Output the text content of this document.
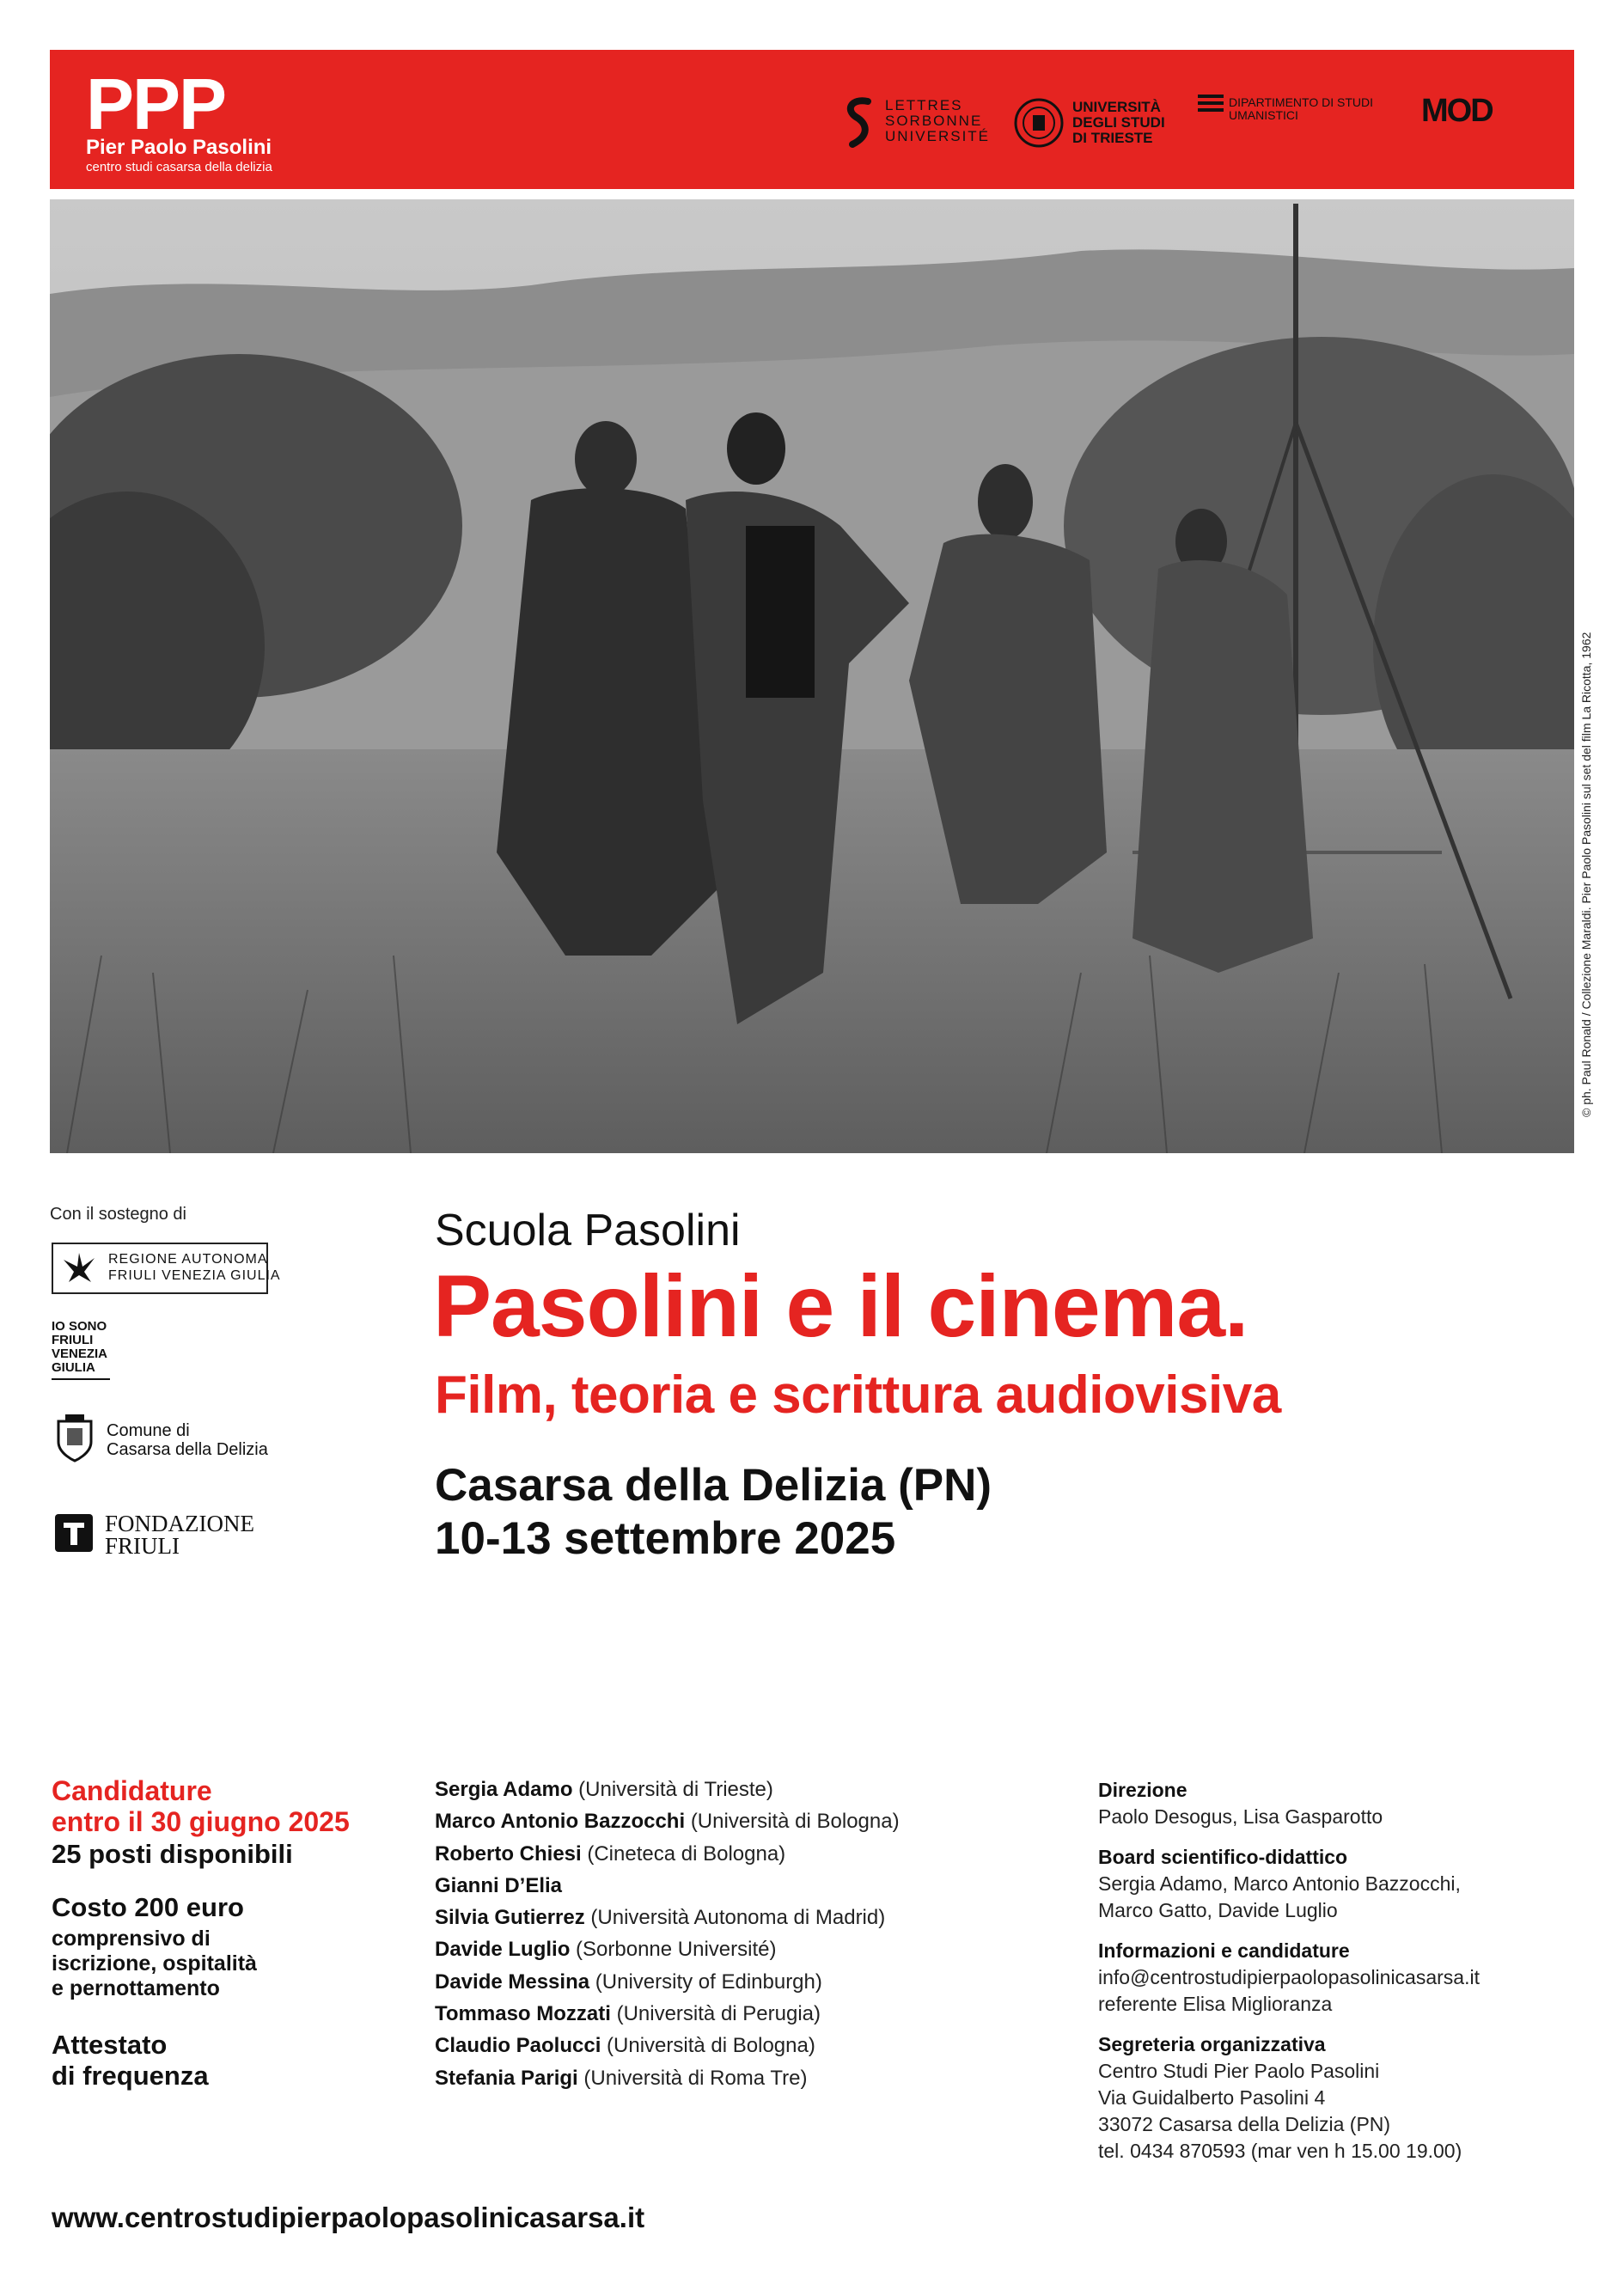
PPP
Pier Paolo Pasolini
centro studi casarsa della delizia
LETTRES
SORBONNE
UNIVERSITÉ
UNIVERSITÀ
DEGLI STUDI
DI TRIESTE
DIPARTIMENTO DI STUDI
UMANISTICI	MOD
© ph. Paul Ronald / Collezione Maraldi. Pier Paolo Pasolini sul set del film La Ricotta, 1962
Con il sostegno di
REGIONE AUTONOMA
FRIULI VENEZIA GIULIA
IO SONO
FRIULI
VENEZIA
GIULIA
Comune di
Casarsa della Delizia
FONDAZIONE
FRIULI
Scuola Pasolini
Pasolini e il cinema.
Film, teoria e scrittura audiovisiva
Casarsa della Delizia (PN)
10-13 settembre 2025
Candidature
entro il 30 giugno 2025
25 posti disponibili
Costo 200 euro
comprensivo di
iscrizione, ospitalità
e pernottamento
Attestato
di frequenza
Sergia Adamo (Università di Trieste)
Marco Antonio Bazzocchi (Università di Bologna)
Roberto Chiesi (Cineteca di Bologna)
Gianni D’Elia
Silvia Gutierrez (Università Autonoma di Madrid)
Davide Luglio (Sorbonne Université)
Davide Messina (University of Edinburgh)
Tommaso Mozzati (Università di Perugia)
Claudio Paolucci (Università di Bologna)
Stefania Parigi (Università di Roma Tre)
Direzione

Paolo Desogus, Lisa Gasparotto

Board scientifico-didattico

Sergia Adamo, Marco Antonio Bazzocchi,
Marco Gatto, Davide Luglio

Informazioni e candidature

info@centrostudipierpaolopasolinicasarsa.it
referente Elisa Miglioranza

Segreteria organizzativa

Centro Studi Pier Paolo Pasolini
Via Guidalberto Pasolini 4
33072 Casarsa della Delizia (PN)
tel. 0434 870593 (mar ven h 15.00 19.00)

www.centrostudipierpaolopasolinicasarsa.it
